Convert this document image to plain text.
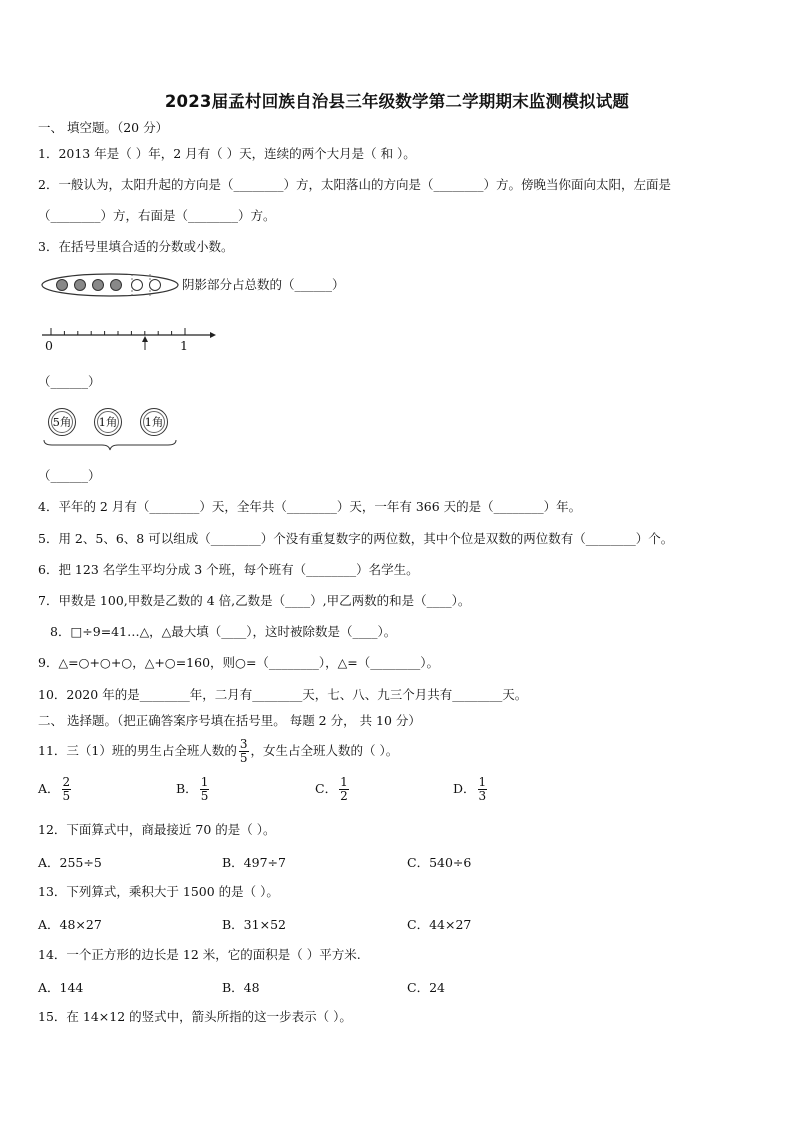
2023届孟村回族自治县三年级数学第二学期期末监测模拟试题
一、 填空题。（20 分）
1．2013 年是（ ）年，2 月有（ ）天，连续的两个大月是（ 和 ）。
2．一般认为，太阳升起的方向是（________）方，太阳落山的方向是（________）方。傍晚当你面向太阳，左面是
（________）方，右面是（________）方。
3．在括号里填合适的分数或小数。
阴影部分占总数的（______）
0	1
（______）
5角	1角	1角
（______）
4．平年的 2 月有（________）天，全年共（________）天，一年有 366 天的是（________）年。
5．用 2、5、6、8 可以组成（________）个没有重复数字的两位数，其中个位是双数的两位数有（________）个。
6．把 123 名学生平均分成 3 个班，每个班有（________）名学生。
7．甲数是 100,甲数是乙数的 4 倍,乙数是（____）,甲乙两数的和是（____）。
8．□÷9=41…△，△最大填（____），这时被除数是（____）。
9．△=○+○+○，△+○=160，则○=（________），△=（________）。
10．2020 年的是________年，二月有________天，七、八、九三个月共有________天。
二、 选择题。（把正确答案序号填在括号里。 每题 2 分， 共 10 分）
11．三（1）班的男生占全班人数的 $\frac{3}{5}$ ，女生占全班人数的（ ）。
A． $\frac{2}{5}$	B． $\frac{1}{5}$	C． $\frac{1}{2}$	D． $\frac{1}{3}$
12．下面算式中，商最接近 70 的是（ ）。
A．255÷5	B．497÷7	C．540÷6
13．下列算式，乘积大于 1500 的是（ ）。
A．48×27	B．31×52	C．44×27
14．一个正方形的边长是 12 米，它的面积是（ ）平方米.
A．144	B．48	C．24
15．在 14×12 的竖式中，箭头所指的这一步表示（ ）。
